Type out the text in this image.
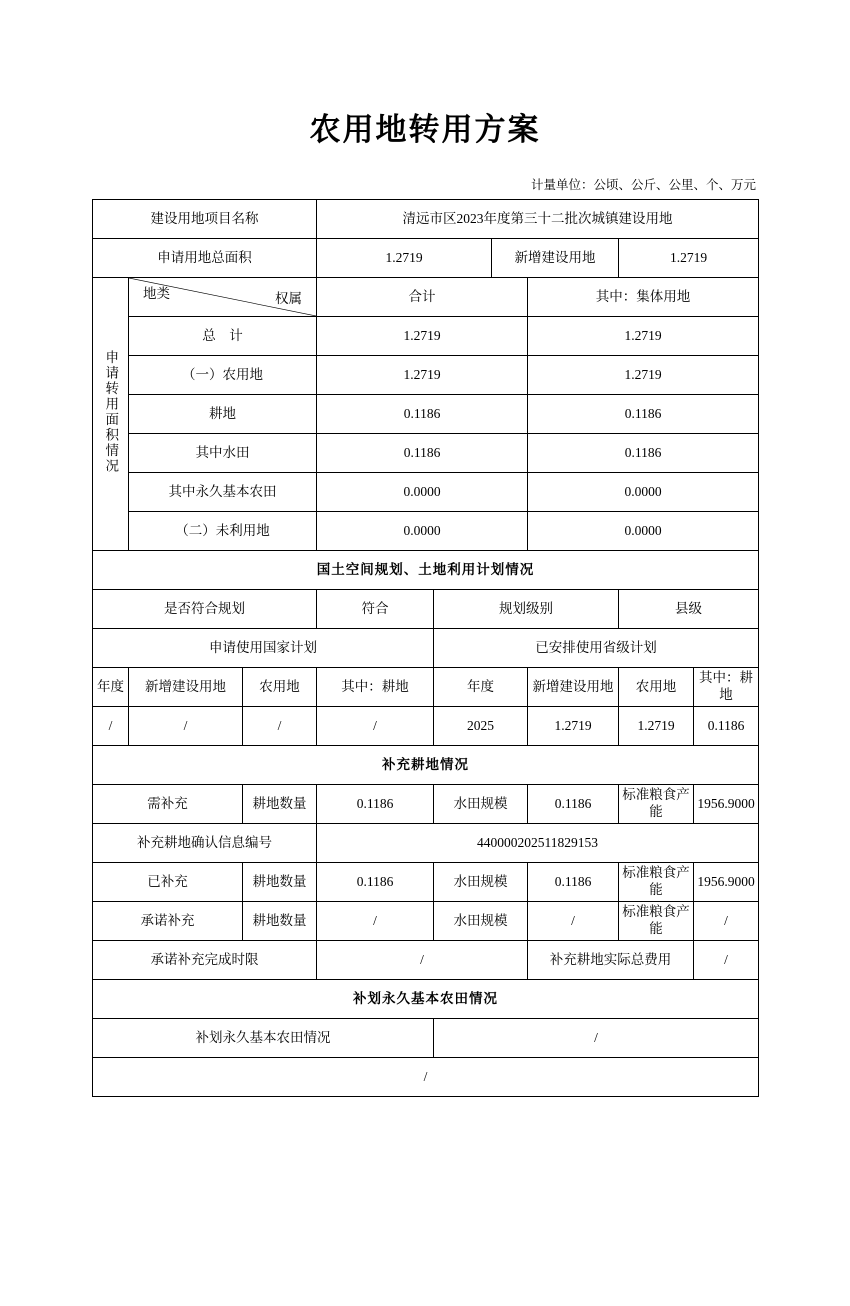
农用地转用方案
计量单位：公顷、公斤、公里、个、万元
建设用地项目名称			清远市区2023年度第三十二批次城镇建设用地					
申请用地总面积			1.2719		新增建设用地		1.2719	
申请转用面积情况	地类 权属		合计			其中：集体用地		
	总　计		1.2719			1.2719		
	（一）农用地		1.2719			1.2719		
	耕地		0.1186			0.1186		
	其中水田		0.1186			0.1186		
	其中永久基本农田		0.0000			0.0000		
	（二）未利用地		0.0000			0.0000		
国土空间规划、土地利用计划情况								
是否符合规划			符合	规划级别			县级	
申请使用国家计划				已安排使用省级计划				
年度	新增建设用地	农用地	其中：耕地	年度		新增建设用地	农用地	其中：耕地
/	/	/	/	2025		1.2719	1.2719	0.1186
补充耕地情况								
需补充		耕地数量	0.1186	水田规模		0.1186	标准粮食产能	1956.9000
补充耕地确认信息编号			440000202511829153					
已补充		耕地数量	0.1186	水田规模		0.1186	标准粮食产能	1956.9000
承诺补充		耕地数量	/	水田规模		/	标准粮食产能	/
承诺补充完成时限			/			补充耕地实际总费用		/
补划永久基本农田情况								
补划永久基本农田情况				/				
/								
